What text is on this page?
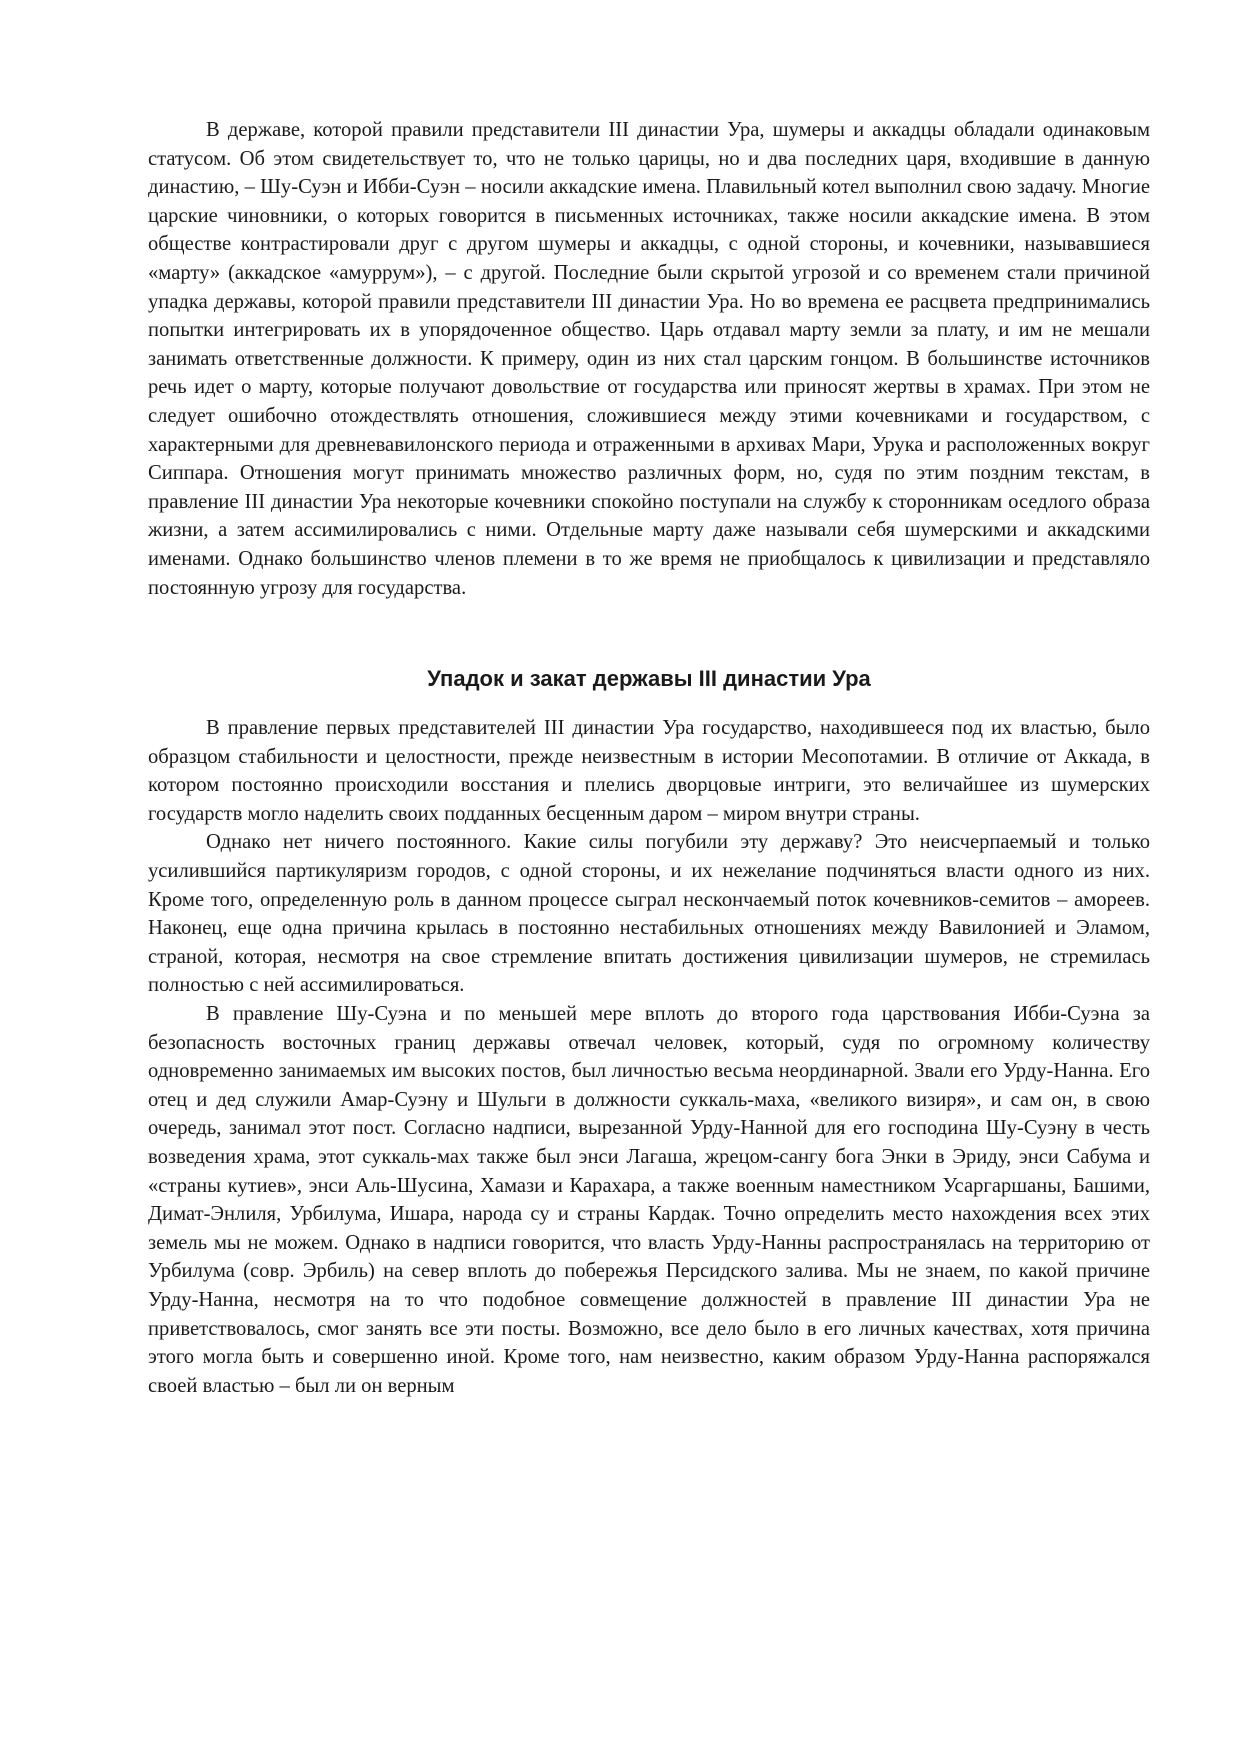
В державе, которой правили представители III династии Ура, шумеры и аккадцы обладали одинаковым статусом. Об этом свидетельствует то, что не только царицы, но и два последних царя, входившие в данную династию, – Шу-Суэн и Ибби-Суэн – носили аккадские имена. Плавильный котел выполнил свою задачу. Многие царские чиновники, о которых говорится в письменных источниках, также носили аккадские имена. В этом обществе контрастировали друг с другом шумеры и аккадцы, с одной стороны, и кочевники, называвшиеся «марту» (аккадское «амуррум»), – с другой. Последние были скрытой угрозой и со временем стали причиной упадка державы, которой правили представители III династии Ура. Но во времена ее расцвета предпринимались попытки интегрировать их в упорядоченное общество. Царь отдавал марту земли за плату, и им не мешали занимать ответственные должности. К примеру, один из них стал царским гонцом. В большинстве источников речь идет о марту, которые получают довольствие от государства или приносят жертвы в храмах. При этом не следует ошибочно отождествлять отношения, сложившиеся между этими кочевниками и государством, с характерными для древневавилонского периода и отраженными в архивах Мари, Урука и расположенных вокруг Сиппара. Отношения могут принимать множество различных форм, но, судя по этим поздним текстам, в правление III династии Ура некоторые кочевники спокойно поступали на службу к сторонникам оседлого образа жизни, а затем ассимилировались с ними. Отдельные марту даже называли себя шумерскими и аккадскими именами. Однако большинство членов племени в то же время не приобщалось к цивилизации и представляло постоянную угрозу для государства.

Упадок и закат державы III династии Ура

В правление первых представителей III династии Ура государство, находившееся под их властью, было образцом стабильности и целостности, прежде неизвестным в истории Месопотамии. В отличие от Аккада, в котором постоянно происходили восстания и плелись дворцовые интриги, это величайшее из шумерских государств могло наделить своих подданных бесценным даром – миром внутри страны.

Однако нет ничего постоянного. Какие силы погубили эту державу? Это неисчерпаемый и только усилившийся партикуляризм городов, с одной стороны, и их нежелание подчиняться власти одного из них. Кроме того, определенную роль в данном процессе сыграл нескончаемый поток кочевников-семитов – амореев. Наконец, еще одна причина крылась в постоянно нестабильных отношениях между Вавилонией и Эламом, страной, которая, несмотря на свое стремление впитать достижения цивилизации шумеров, не стремилась полностью с ней ассимилироваться.

В правление Шу-Суэна и по меньшей мере вплоть до второго года царствования Ибби-Суэна за безопасность восточных границ державы отвечал человек, который, судя по огромному количеству одновременно занимаемых им высоких постов, был личностью весьма неординарной. Звали его Урду-Нанна. Его отец и дед служили Амар-Суэну и Шульги в должности суккаль-маха, «великого визиря», и сам он, в свою очередь, занимал этот пост. Согласно надписи, вырезанной Урду-Нанной для его господина Шу-Суэну в честь возведения храма, этот суккаль-мах также был энси Лагаша, жрецом-сангу бога Энки в Эриду, энси Сабума и «страны кутиев», энси Аль-Шусина, Хамази и Карахара, а также военным наместником Усаргаршаны, Башими, Димат-Энлиля, Урбилума, Ишара, народа су и страны Кардак. Точно определить место нахождения всех этих земель мы не можем. Однако в надписи говорится, что власть Урду-Нанны распространялась на территорию от Урбилума (совр. Эрбиль) на север вплоть до побережья Персидского залива. Мы не знаем, по какой причине Урду-Нанна, несмотря на то что подобное совмещение должностей в правление III династии Ура не приветствовалось, смог занять все эти посты. Возможно, все дело было в его личных качествах, хотя причина этого могла быть и совершенно иной. Кроме того, нам неизвестно, каким образом Урду-Нанна распоряжался своей властью – был ли он верным
